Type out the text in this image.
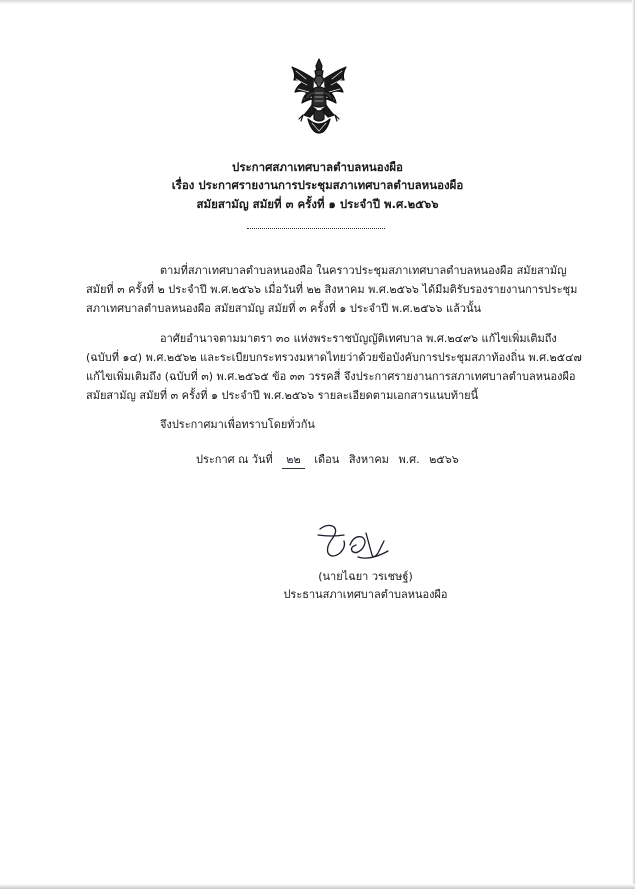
ประกาศสภาเทศบาลตำบลหนองผือ
เรื่อง ประกาศรายงานการประชุมสภาเทศบาลตำบลหนองผือ
สมัยสามัญ สมัยที่ ๓ ครั้งที่ ๑ ประจำปี พ.ศ.๒๕๖๖
ตามที่สภาเทศบาลตำบลหนองผือ ในคราวประชุมสภาเทศบาลตำบลหนองผือ สมัยสามัญ
สมัยที่ ๓ ครั้งที่ ๒ ประจำปี พ.ศ.๒๕๖๖ เมื่อวันที่ ๒๒ สิงหาคม พ.ศ.๒๕๖๖ ได้มีมติรับรองรายงานการประชุม
สภาเทศบาลตำบลหนองผือ สมัยสามัญ สมัยที่ ๓ ครั้งที่ ๑ ประจำปี พ.ศ.๒๕๖๖ แล้วนั้น
อาศัยอำนาจตามมาตรา ๓๐ แห่งพระราชบัญญัติเทศบาล พ.ศ.๒๔๙๖ แก้ไขเพิ่มเติมถึง
(ฉบับที่ ๑๔) พ.ศ.๒๕๖๒ และระเบียบกระทรวงมหาดไทยว่าด้วยข้อบังคับการประชุมสภาท้องถิ่น พ.ศ.๒๕๔๗
แก้ไขเพิ่มเติมถึง (ฉบับที่ ๓) พ.ศ.๒๕๖๕ ข้อ ๓๓ วรรคสี่ จึงประกาศรายงานการสภาเทศบาลตำบลหนองผือ
สมัยสามัญ สมัยที่ ๓ ครั้งที่ ๑ ประจำปี พ.ศ.๒๕๖๖ รายละเอียดตามเอกสารแนบท้ายนี้
จึงประกาศมาเพื่อทราบโดยทั่วกัน
ประกาศ ณ วันที่ ๒๒ เดือน สิงหาคม พ.ศ. ๒๕๖๖
(นายไฉยา วรเชษฐ์)
ประธานสภาเทศบาลตำบลหนองผือ
